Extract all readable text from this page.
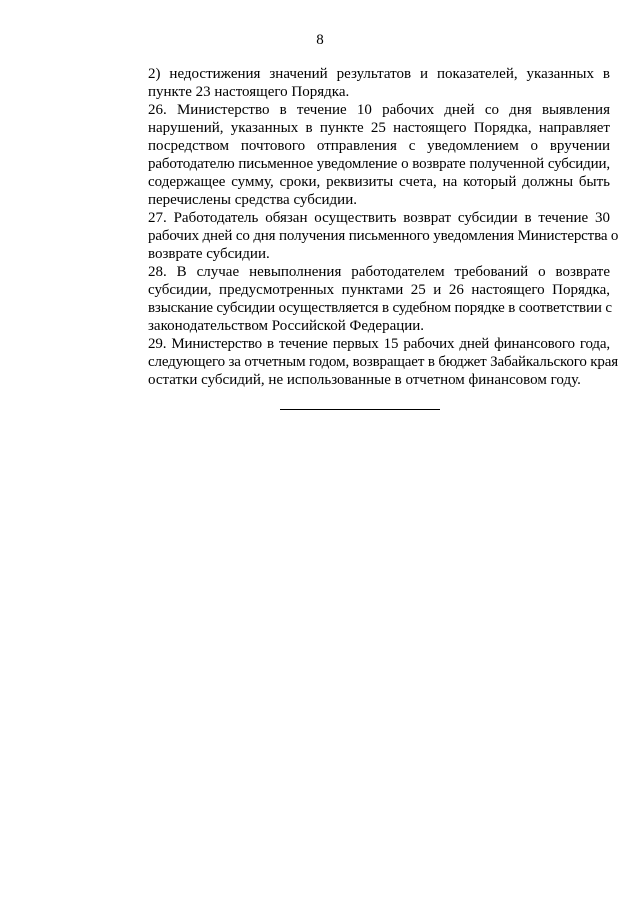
8

2) недостижения значений результатов и показателей, указанных в
пункте 23 настоящего Порядка.

26. Министерство в течение 10 рабочих дней со дня выявления
нарушений, указанных в пункте 25 настоящего Порядка, направляет
посредством почтового отправления с уведомлением о вручении
работодателю письменное уведомление о возврате полученной субсидии,
содержащее сумму, сроки, реквизиты счета, на который должны быть
перечислены средства субсидии.

27. Работодатель обязан осуществить возврат субсидии в течение 30
рабочих дней со дня получения письменного уведомления Министерства о
возврате субсидии.

28. В случае невыполнения работодателем требований о возврате
субсидии, предусмотренных пунктами 25 и 26 настоящего Порядка,
взыскание субсидии осуществляется в судебном порядке в соответствии с
законодательством Российской Федерации.

29. Министерство в течение первых 15 рабочих дней финансового года,
следующего за отчетным годом, возвращает в бюджет Забайкальского края
остатки субсидий, не использованные в отчетном финансовом году.
